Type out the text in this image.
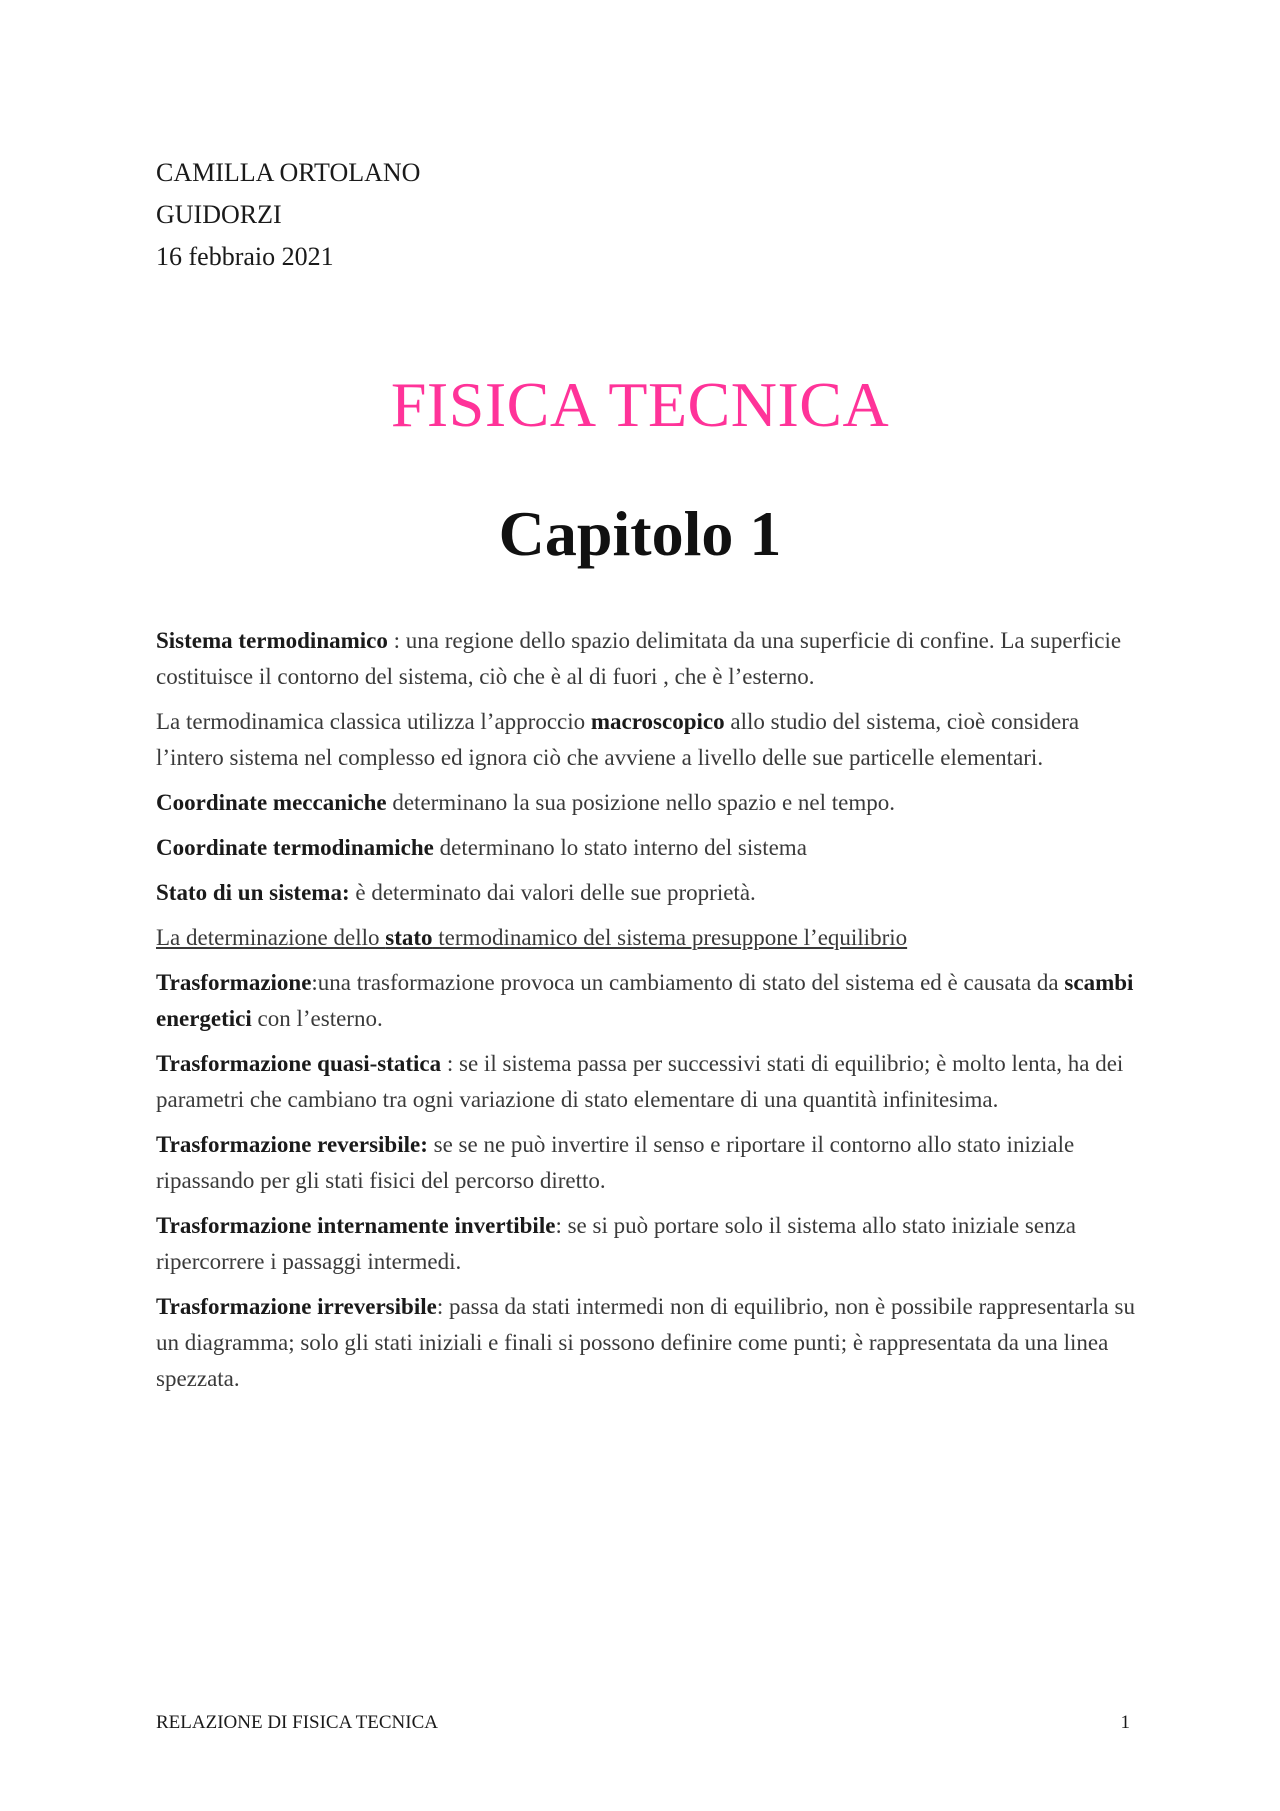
CAMILLA ORTOLANO
GUIDORZI
16 febbraio 2021
FISICA TECNICA
Capitolo 1

Sistema termodinamico : una regione dello spazio delimitata da una superficie di confine. La superficie costituisce il contorno del sistema, ciò che è al di fuori , che è l’esterno.

La termodinamica classica utilizza l’approccio macroscopico allo studio del sistema, cioè considera l’intero sistema nel complesso ed ignora ciò che avviene a livello delle sue particelle elementari.

Coordinate meccaniche determinano la sua posizione nello spazio e nel tempo.

Coordinate termodinamiche determinano lo stato interno del sistema

Stato di un sistema: è determinato dai valori delle sue proprietà.

La determinazione dello stato termodinamico del sistema presuppone l’equilibrio

Trasformazione:una trasformazione provoca un cambiamento di stato del sistema ed è causata da scambi energetici con l’esterno.

Trasformazione quasi-statica : se il sistema passa per successivi stati di equilibrio; è molto lenta, ha dei parametri che cambiano tra ogni variazione di stato elementare di una quantità infinitesima.

Trasformazione reversibile: se se ne può invertire il senso e riportare il contorno allo stato iniziale ripassando per gli stati fisici del percorso diretto.

Trasformazione internamente invertibile: se si può portare solo il sistema allo stato iniziale senza ripercorrere i passaggi intermedi.

Trasformazione irreversibile: passa da stati intermedi non di equilibrio, non è possibile rappresentarla su un diagramma; solo gli stati iniziali e finali si possono definire come punti; è rappresentata da una linea spezzata.

RELAZIONE DI FISICA TECNICA	1
